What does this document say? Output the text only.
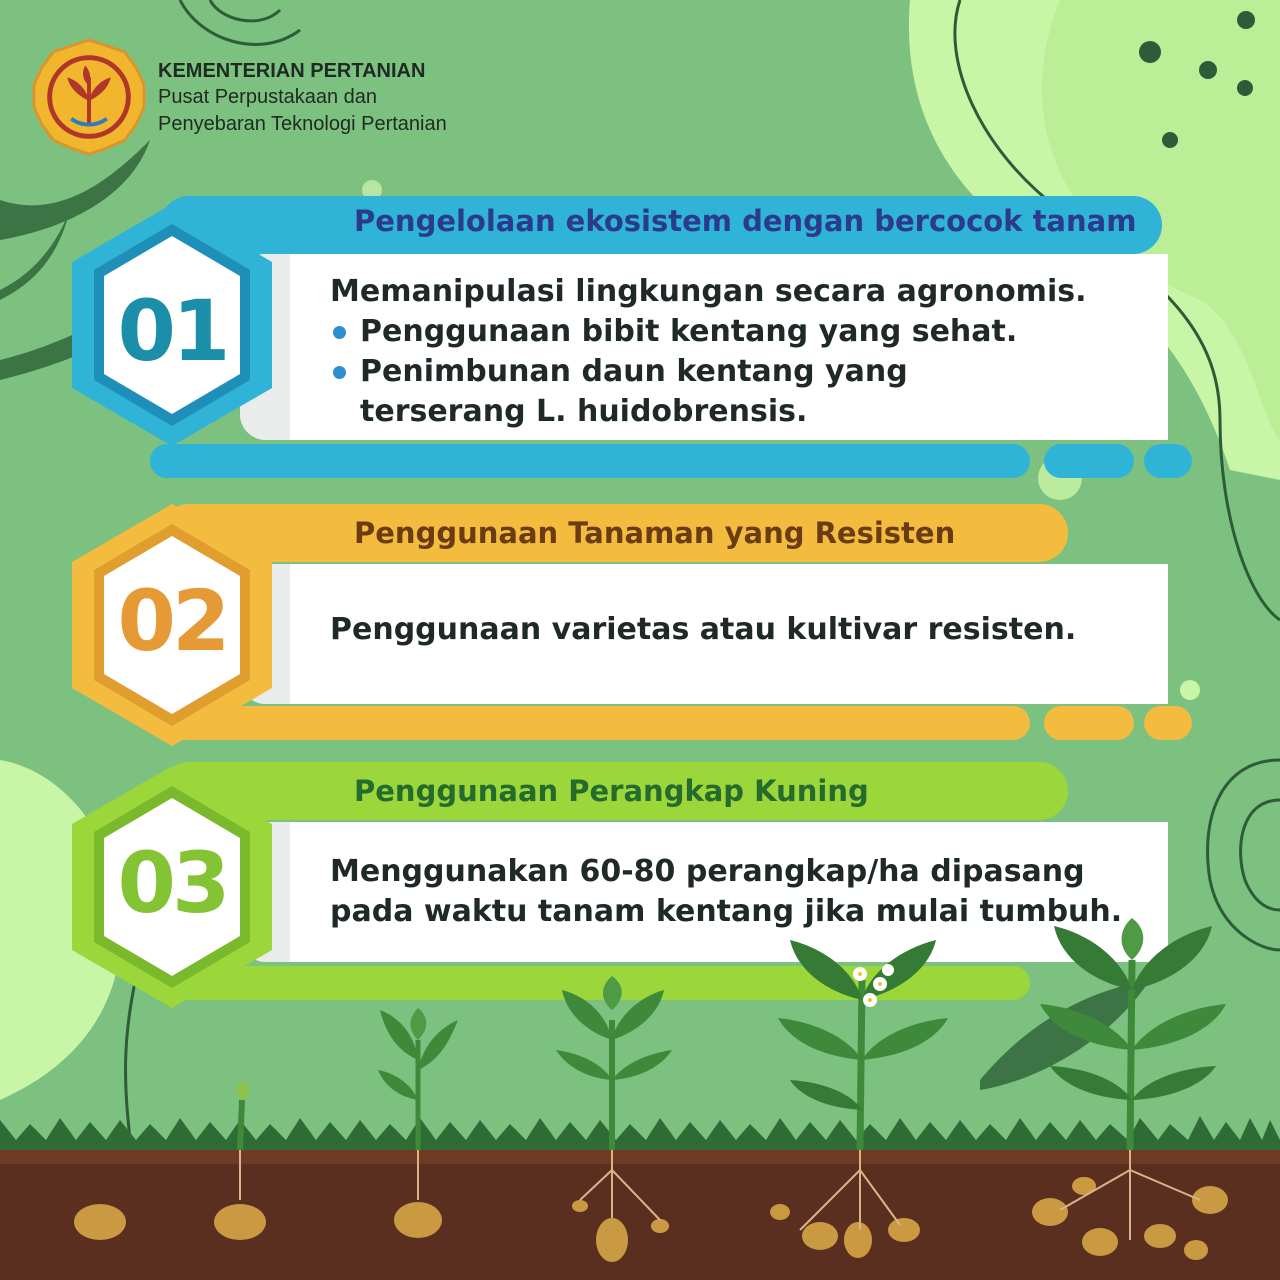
KEMENTERIAN PERTANIAN
Pusat Perpustakaan dan
Penyebaran Teknologi Pertanian
Pengelolaan ekosistem dengan bercocok tanam
01	Memanipulasi lingkungan secara agronomis.
Penggunaan bibit kentang yang sehat.
Penimbunan daun kentang yang terserang L. huidobrensis.
Penggunaan Tanaman yang Resisten
02	Penggunaan varietas atau kultivar resisten.
Penggunaan Perangkap Kuning
03	Menggunakan 60-80 perangkap/ha dipasang pada waktu tanam kentang jika mulai tumbuh.
